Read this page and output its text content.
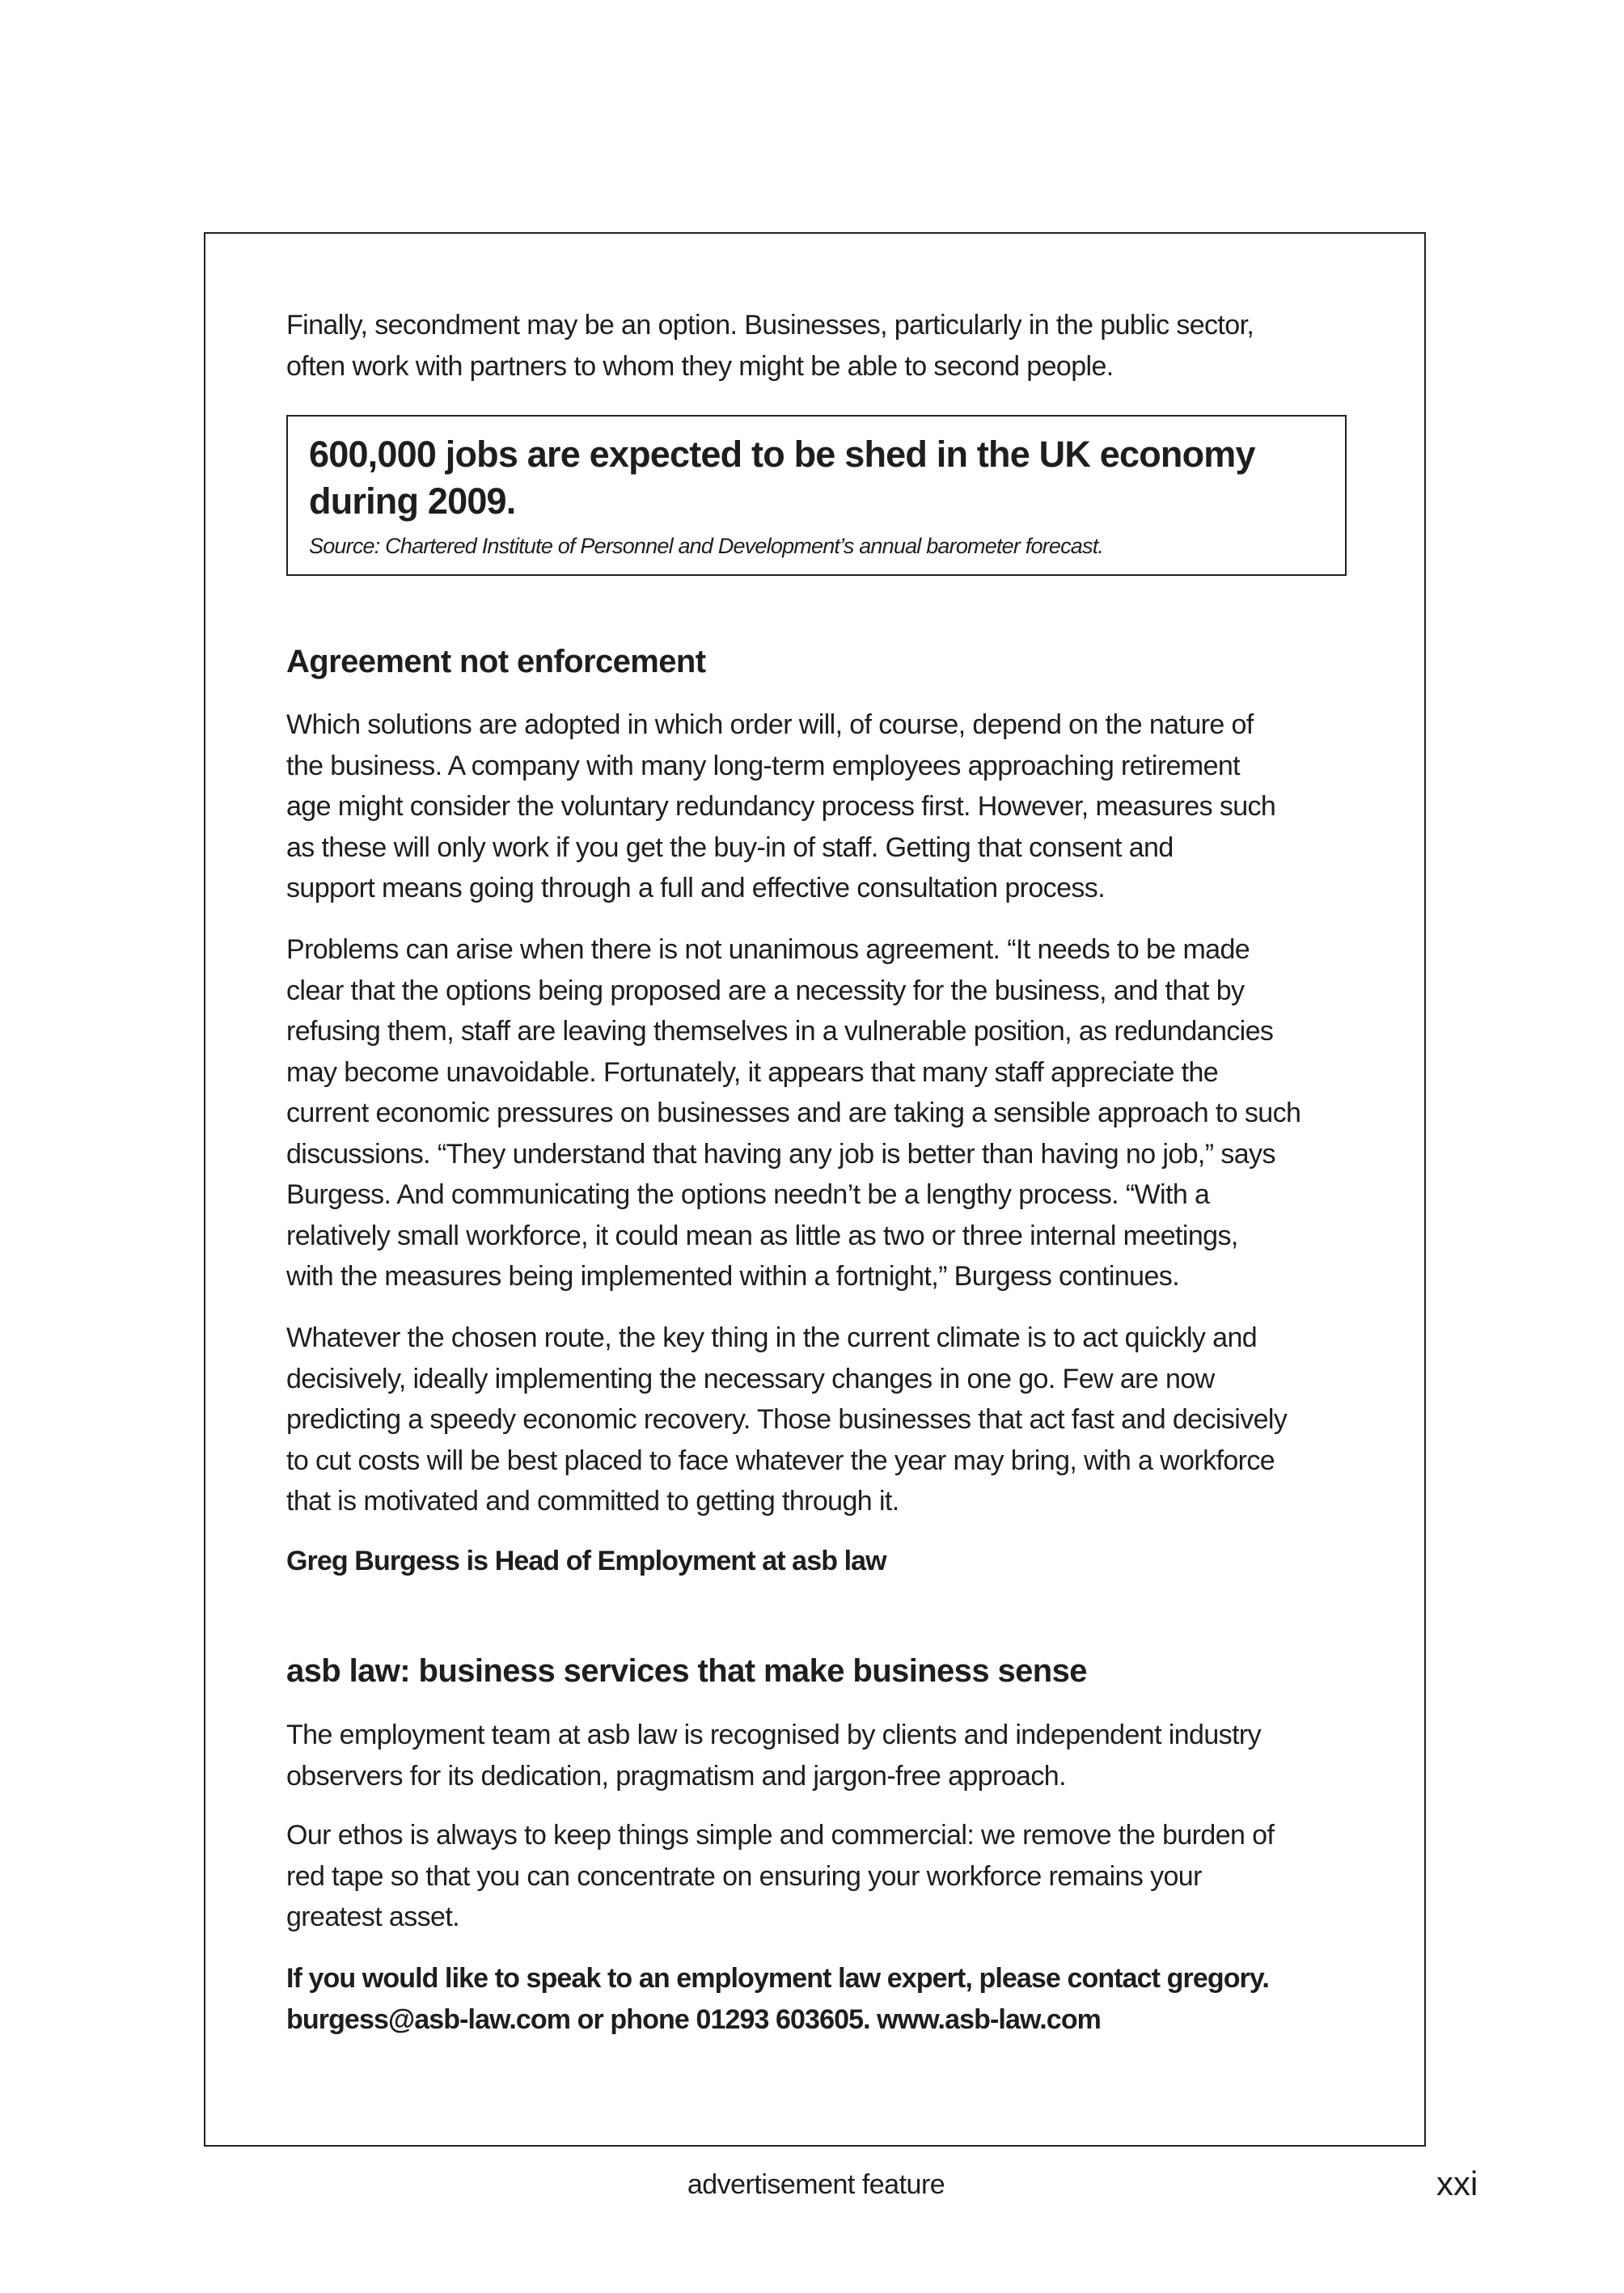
Finally, secondment may be an option. Businesses, particularly in the public sector,
often work with partners to whom they might be able to second people.
600,000 jobs are expected to be shed in the UK economy
during 2009.
Source: Chartered Institute of Personnel and Development’s annual barometer forecast.
Agreement not enforcement
Which solutions are adopted in which order will, of course, depend on the nature of
the business. A company with many long-term employees approaching retirement
age might consider the voluntary redundancy process first. However, measures such
as these will only work if you get the buy-in of staff. Getting that consent and
support means going through a full and effective consultation process.
Problems can arise when there is not unanimous agreement. “It needs to be made
clear that the options being proposed are a necessity for the business, and that by
refusing them, staff are leaving themselves in a vulnerable position, as redundancies
may become unavoidable. Fortunately, it appears that many staff appreciate the
current economic pressures on businesses and are taking a sensible approach to such
discussions. “They understand that having any job is better than having no job,” says
Burgess. And communicating the options needn’t be a lengthy process. “With a
relatively small workforce, it could mean as little as two or three internal meetings,
with the measures being implemented within a fortnight,” Burgess continues.
Whatever the chosen route, the key thing in the current climate is to act quickly and
decisively, ideally implementing the necessary changes in one go. Few are now
predicting a speedy economic recovery. Those businesses that act fast and decisively
to cut costs will be best placed to face whatever the year may bring, with a workforce
that is motivated and committed to getting through it.
Greg Burgess is Head of Employment at asb law
asb law: business services that make business sense
The employment team at asb law is recognised by clients and independent industry
observers for its dedication, pragmatism and jargon-free approach.
Our ethos is always to keep things simple and commercial: we remove the burden of
red tape so that you can concentrate on ensuring your workforce remains your
greatest asset.
If you would like to speak to an employment law expert, please contact gregory.
burgess@asb-law.com or phone 01293 603605. www.asb-law.com
advertisement feature	xxi
